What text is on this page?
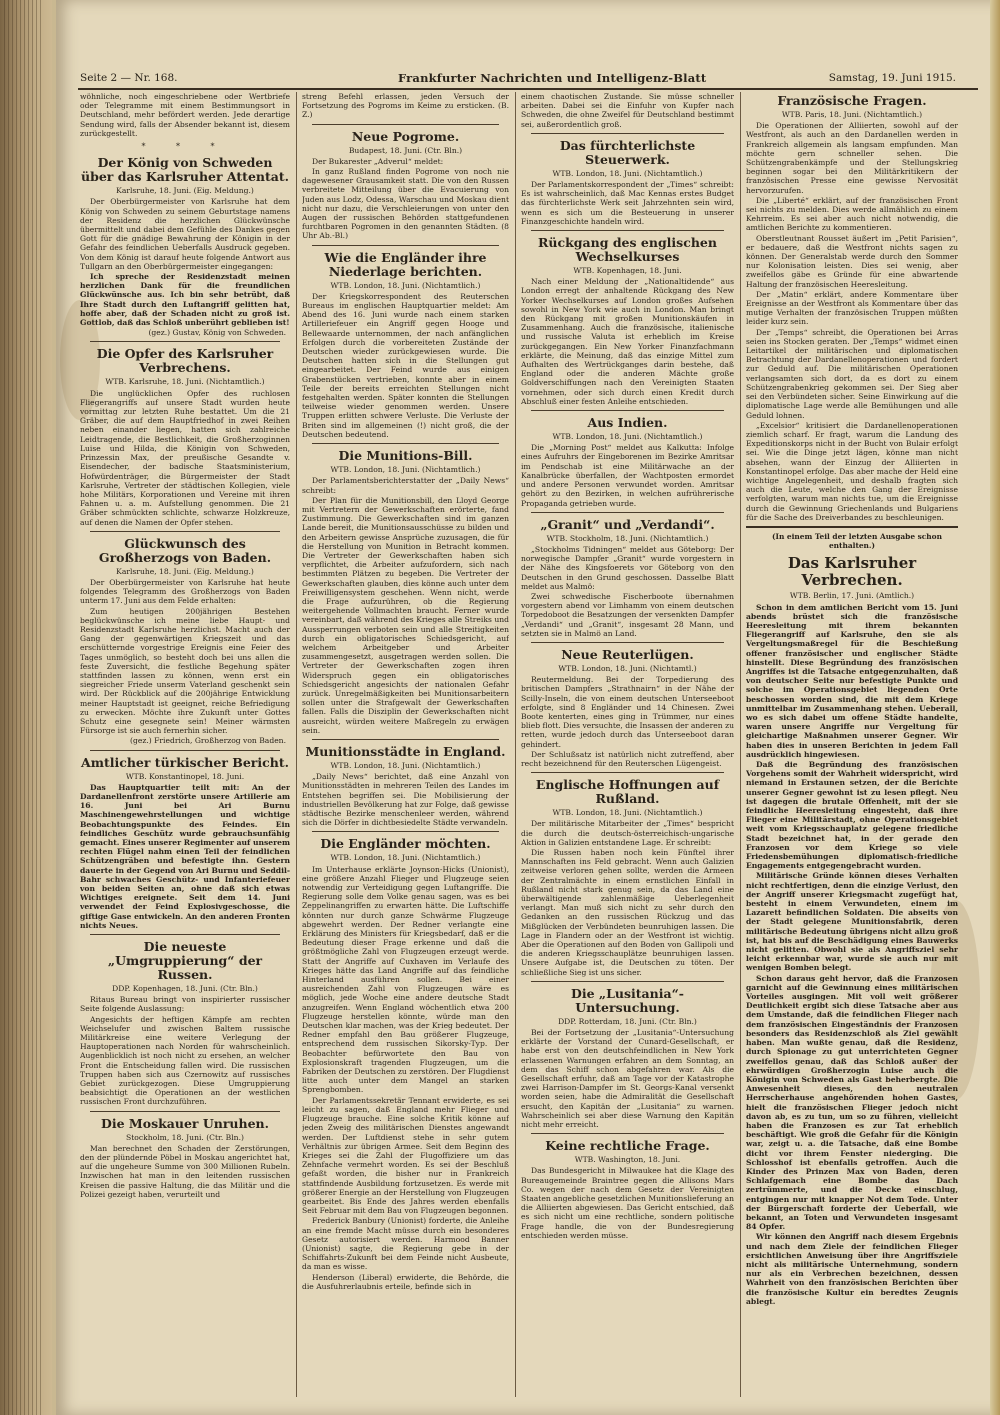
Seite 2 — Nr. 168.	Frankfurter Nachrichten und Intelligenz-Blatt	Samstag, 19. Juni 1915.

wöhnliche, noch eingeschriebene oder Wertbriefe oder Telegramme mit einem Bestimmungsort in Deutschland, mehr befördert werden. Jede derartige Sendung wird, falls der Absender bekannt ist, diesem zurückgestellt.

* * *
Der König von Schweden über das Karlsruher Attentat.

Karlsruhe, 18. Juni. (Eig. Meldung.)

Der Oberbürgermeister von Karlsruhe hat dem König von Schweden zu seinem Geburtstage namens der Residenz die herzlichen Glückwünsche übermittelt und dabei dem Gefühle des Dankes gegen Gott für die gnädige Bewahrung der Königin in der Gefahr des feindlichen Ueberfalls Ausdruck gegeben. Von dem König ist darauf heute folgende Antwort aus Tullgarn an den Oberbürgermeister eingegangen:

Ich spreche der Residenzstadt meinen herzlichen Dank für die freundlichen Glückwünsche aus. Ich bin sehr betrübt, daß Ihre Stadt durch den Luftangriff gelitten hat, hoffe aber, daß der Schaden nicht zu groß ist. Gottlob, daß das Schloß unberührt geblieben ist!

(gez.) Gustav, König von Schweden.

Die Opfer des Karlsruher Verbrechens.

WTB. Karlsruhe, 18. Juni. (Nichtamtlich.)

Die unglücklichen Opfer des ruchlosen Fliegerangriffs auf unsere Stadt wurden heute vormittag zur letzten Ruhe bestattet. Um die 21 Gräber, die auf dem Hauptfriedhof in zwei Reihen neben einander liegen, hatten sich zahlreiche Leidtragende, die Bestlichkeit, die Großherzoginnen Luise und Hilda, die Königin von Schweden, Prinzessin Max, der preußische Gesandte v. Eisendecher, der badische Staatsministerium, Hofwürdenträger, die Bürgermeister der Stadt Karlsruhe, Vertreter der städtischen Kollegien, viele hohe Militärs, Korporationen und Vereine mit ihren Fahnen u. a. m. Aufstellung genommen. Die 21 Gräber schmückten schlichte, schwarze Holzkreuze, auf denen die Namen der Opfer stehen.

Glückwunsch des Großherzogs von Baden.

Karlsruhe, 18. Juni. (Eig. Meldung.)

Der Oberbürgermeister von Karlsruhe hat heute folgendes Telegramm des Großherzogs von Baden unterm 17. Juni aus dem Felde erhalten:

Zum heutigen 200jährigen Bestehen beglückwünsche ich meine liebe Haupt- und Residenzstadt Karlsruhe herzlichst. Macht auch der Gang der gegenwärtigen Kriegszeit und das erschütternde vorgestrige Ereignis eine Feier des Tages unmöglich, so besteht doch bei uns allen die feste Zuversicht, die festliche Begehung später stattfinden lassen zu können, wenn erst ein siegreicher Friede unserm Vaterland geschenkt sein wird. Der Rückblick auf die 200jährige Entwicklung meiner Hauptstadt ist geeignet, reiche Befriedigung zu erwecken. Möchte ihre Zukunft unter Gottes Schutz eine gesegnete sein! Meiner wärmsten Fürsorge ist sie auch fernerhin sicher.

(gez.) Friedrich, Großherzog von Baden.

Amtlicher türkischer Bericht.

WTB. Konstantinopel, 18. Juni.

Das Hauptquartier teilt mit: An der Dardanellenfront zerstörte unsere Artillerie am 16. Juni bei Ari Burnu Maschinengewehrstellungen und wichtige Beobachtungspunkte des Feindes. Ein feindliches Geschütz wurde gebrauchsunfähig gemacht. Eines unserer Regimenter auf unserem rechten Flügel nahm einen Teil der feindlichen Schützengräben und befestigte ihn. Gestern dauerte in der Gegend von Ari Burnu und Seddil-Bahr schwaches Geschütz- und Infanteriefeuer von beiden Seiten an, ohne daß sich etwas Wichtiges ereignete. Seit dem 14. Juni verwendet der Feind Explosivgeschosse, die giftige Gase entwickeln. An den anderen Fronten nichts Neues.

Die neueste „Umgruppierung“ der Russen.

DDP. Kopenhagen, 18. Juni. (Ctr. Bln.)

Ritaus Bureau bringt von inspirierter russischer Seite folgende Auslassung:

Angesichts der heftigen Kämpfe am rechten Weichselufer und zwischen Baltem russische Militärkreise eine weitere Verlegung der Hauptoperationen nach Norden für wahrscheinlich. Augenblicklich ist noch nicht zu ersehen, an welcher Front die Entscheidung fallen wird. Die russischen Truppen haben sich aus Czernowitz auf russisches Gebiet zurückgezogen. Diese Umgruppierung beabsichtigt die Operationen an der westlichen russischen Front durchzuführen.

Die Moskauer Unruhen.

Stockholm, 18. Juni. (Ctr. Bln.)

Man berechnet den Schaden der Zerstörungen, den der plündernde Pöbel in Moskau angerichtet hat, auf die ungeheure Summe von 300 Millionen Rubeln. Inzwischen hat man in den leitenden russischen Kreisen die passive Haltung, die das Militär und die Polizei gezeigt haben, verurteilt und

streng Befehl erlassen, jeden Versuch der Fortsetzung des Pogroms im Keime zu ersticken. (B. Z.)

Neue Pogrome.

Budapest, 18. Juni. (Ctr. Bln.)

Der Bukarester „Adverul“ meldet:

In ganz Rußland finden Pogrome von noch nie dagewesener Grausamkeit statt. Die von den Russen verbreitete Mitteilung über die Evacuierung von Juden aus Lodz, Odessa, Warschau und Moskau dient nicht nur dazu, die Verschleierungen von unter den Augen der russischen Behörden stattgefundenen furchtbaren Pogromen in den genannten Städten. (8 Uhr Ab.-Bl.)

Wie die Engländer ihre Niederlage berichten.

WTB. London, 18. Juni. (Nichtamtlich.)

Der Kriegskorrespondent des Reuterschen Bureaus im englischen Hauptquartier meldet: Am Abend des 16. Juni wurde nach einem starken Artilleriefeuer ein Angriff gegen Hooge und Bellewaarde unternommen, der nach anfänglichen Erfolgen durch die vorbereiteten Zustände der Deutschen wieder zurückgewiesen wurde. Die Deutschen hatten sich in die Stellungen gut eingearbeitet. Der Feind wurde aus einigen Grabenstücken vertrieben, konnte aber in einem Teile der bereits erreichten Stellungen nicht festgehalten werden. Später konnten die Stellungen teilweise wieder genommen werden. Unsere Truppen erlitten schwere Verluste. Die Verluste der Briten sind im allgemeinen (!) nicht groß, die der Deutschen bedeutend.

Die Munitions-Bill.

WTB. London, 18. Juni. (Nichtamtlich.)

Der Parlamentsberichterstatter der „Daily News“ schreibt:

Der Plan für die Munitionsbill, den Lloyd George mit Vertretern der Gewerkschaften erörterte, fand Zustimmung. Die Gewerkschaften sind im ganzen Lande bereit, die Munitionsausschüsse zu bilden und den Arbeitern gewisse Ansprüche zuzusagen, die für die Herstellung von Munition in Betracht kommen. Die Vertreter der Gewerkschaften haben sich verpflichtet, die Arbeiter aufzufordern, sich nach bestimmten Plätzen zu begeben. Die Vertreter der Gewerkschaften glauben, dies könne auch unter dem Freiwilligensystem geschehen. Wenn nicht, werde die Frage aufzurühren, ob die Regierung weitergehende Vollmachten braucht. Ferner wurde vereinbart, daß während des Krieges alle Streiks und Aussperrungen verboten sein und alle Streitigkeiten durch ein obligatorisches Schiedsgericht, auf welchem Arbeitgeber und Arbeiter zusammengesetzt, ausgetragen werden sollen. Die Vertreter der Gewerkschaften zogen ihren Widerspruch gegen ein obligatorisches Schiedsgericht angesichts der nationalen Gefahr zurück. Unregelmäßigkeiten bei Munitionsarbeitern sollen unter die Strafgewalt der Gewerkschaften fallen. Falls die Disziplin der Gewerkschaften nicht ausreicht, würden weitere Maßregeln zu erwägen sein.

Munitionsstädte in England.

WTB. London, 18. Juni. (Nichtamtlich.)

„Daily News“ berichtet, daß eine Anzahl von Munitionsstädten in mehreren Teilen des Landes im Entstehen begriffen sei. Die Mobilisierung der industriellen Bevölkerung hat zur Folge, daß gewisse städtische Bezirke menschenleer werden, während sich die Dörfer in dichtbesiedelte Städte verwandeln.

Die Engländer möchten.

WTB. London, 18. Juni. (Nichtamtlich.)

Im Unterhause erklärte Joynson-Hicks (Unionist), eine größere Anzahl Flieger und Flugzeuge seien notwendig zur Verteidigung gegen Luftangriffe. Die Regierung solle dem Volke genau sagen, was es bei Zeppelinangriffen zu erwarten hätte. Die Luftschiffe könnten nur durch ganze Schwärme Flugzeuge abgewehrt werden. Der Redner verlangte eine Erklärung des Ministers für Kriegsbedarf, daß er die Bedeutung dieser Frage erkenne und daß die größtmögliche Zahl von Flugzeugen erzeugt werde. Statt der Angriffe auf Cuxhaven im Verlaufe des Krieges hätte das Land Angriffe auf das feindliche Hinterland ausführen sollen. Bei einer ausreichenden Zahl von Flugzeugen wäre es möglich, jede Woche eine andere deutsche Stadt anzugreifen. Wenn England wöchentlich etwa 200 Flugzeuge herstellen könnte, würde man den Deutschen klar machen, was der Krieg bedeutet. Der Redner empfahl den Bau größerer Flugzeuge, entsprechend dem russischen Sikorsky-Typ. Der Beobachter befürwortete den Bau von Explosionskraft tragenden Flugzeugen, um die Fabriken der Deutschen zu zerstören. Der Flugdienst litte auch unter dem Mangel an starken Sprengbomben.

Der Parlamentssekretär Tennant erwiderte, es sei leicht zu sagen, daß England mehr Flieger und Flugzeuge brauche. Eine solche Kritik könne auf jeden Zweig des militärischen Dienstes angewandt werden. Der Luftdienst stehe in sehr gutem Verhältnis zur übrigen Armee. Seit dem Beginn des Krieges sei die Zahl der Flugoffiziere um das Zehnfache vermehrt worden. Es sei der Beschluß gefaßt worden, die bisher nur in Frankreich stattfindende Ausbildung fortzusetzen. Es werde mit größerer Energie an der Herstellung von Flugzeugen gearbeitet. Bis Ende des Jahres werden ebenfalls Seit Februar mit dem Bau von Flugzeugen begonnen.

Frederick Banbury (Unionist) forderte, die Anleihe an eine fremde Macht müsse durch ein besonderes Gesetz autorisiert werden. Harmood Banner (Unionist) sagte, die Regierung gebe in der Schiffahrts-Zukunft bei dem Feinde nicht Ausbeute, da man es wisse.

Henderson (Liberal) erwiderte, die Behörde, die die Ausfuhrerlaubnis erteile, befinde sich in

einem chaotischen Zustande. Sie müsse schneller arbeiten. Dabei sei die Einfuhr von Kupfer nach Schweden, die ohne Zweifel für Deutschland bestimmt sei, außerordentlich groß.

Das fürchterlichste Steuerwerk.

WTB. London, 18. Juni. (Nichtamtlich.)

Der Parlamentskorrespondent der „Times“ schreibt: Es ist wahrscheinlich, daß Mac Kennas erstes Budget das fürchterlichste Werk seit Jahrzehnten sein wird, wenn es sich um die Besteuerung in unserer Finanzgeschichte handeln wird.

Rückgang des englischen Wechselkurses

WTB. Kopenhagen, 18. Juni.

Nach einer Meldung der „Nationaltidende“ aus London erregt der anhaltende Rückgang des New Yorker Wechselkurses auf London großes Aufsehen sowohl in New York wie auch in London. Man bringt den Rückgang mit großen Munitionskäufen in Zusammenhang. Auch die französische, italienische und russische Valuta ist erheblich im Kreise zurückgegangen. Ein New Yorker Finanzfachmann erklärte, die Meinung, daß das einzige Mittel zum Aufhalten des Wertrückganges darin bestehe, daß England oder die anderen Mächte große Goldverschiffungen nach den Vereinigten Staaten vornehmen, oder sich durch einen Kredit durch Abschluß einer festen Anleihe entschieden.

Aus Indien.

WTB. London, 18. Juni. (Nichtamtlich.)

Die „Morning Post“ meldet aus Kalkutta: Infolge eines Aufruhrs der Eingeborenen im Bezirke Amritsar im Pendschab ist eine Militärwache an der Kanalbrücke überfallen, der Wachtposten ermordet und andere Personen verwundet worden. Amritsar gehört zu den Bezirken, in welchen aufrührerische Propaganda getrieben wurde.

„Granit“ und „Verdandi“.

WTB. Stockholm, 18. Juni. (Nichtamtlich.)

„Stockholms Tidningen“ meldet aus Göteborg: Der norwegische Dampfer „Granit“ wurde vorgestern in der Nähe des Kingsfoerets vor Göteborg von den Deutschen in den Grund geschossen. Dasselbe Blatt meldet aus Malmö:

Zwei schwedische Fischerboote übernahmen vorgestern abend vor Limhamm von einem deutschen Torpedoboot die Besatzungen der versenkten Dampfer „Verdandi“ und „Granit“, insgesamt 28 Mann, und setzten sie in Malmö an Land.

Neue Reuterlügen.

WTB. London, 18. Juni. (Nichtamtl.)

Reutermeldung. Bei der Torpedierung des britischen Dampfers „Strathnairn“ in der Nähe der Scilly-Inseln, die von einem deutschen Unterseeboot erfolgte, sind 8 Engländer und 14 Chinesen. Zwei Boote kenterten, eines ging in Trümmer, nur eines blieb flott. Dies versuchte, die Insassen der anderen zu retten, wurde jedoch durch das Unterseeboot daran gehindert.

Der Schlußsatz ist natürlich nicht zutreffend, aber recht bezeichnend für den Reuterschen Lügengeist.

Englische Hoffnungen auf Rußland.

WTB. London, 18. Juni. (Nichtamtlich.)

Der militärische Mitarbeiter der „Times“ bespricht die durch die deutsch-österreichisch-ungarische Aktion in Galizien entstandene Lage. Er schreibt:

Die Russen haben noch kein Fünftel ihrer Mannschaften ins Feld gebracht. Wenn auch Galizien zeitweise verloren gehen sollte, werden die Armeen der Zentralmächte in einem ernstlichen Einfall in Rußland nicht stark genug sein, da das Land eine überwältigende zahlenmäßige Ueberlegenheit verlangt. Man muß sich nicht zu sehr durch den Gedanken an den russischen Rückzug und das Mißglücken der Verbündeten beunruhigen lassen. Die Lage in Flandern oder an der Westfront ist wichtig. Aber die Operationen auf den Boden von Gallipoli und die anderen Kriegsschauplätze beunruhigen lassen. Unsere Aufgabe ist, die Deutschen zu töten. Der schließliche Sieg ist uns sicher.

Die „Lusitania“-Untersuchung.

DDP. Rotterdam, 18. Juni. (Ctr. Bln.)

Bei der Fortsetzung der „Lusitania“-Untersuchung erklärte der Vorstand der Cunard-Gesellschaft, er habe erst von den deutschfeindlichen in New York erlassenen Warnungen erfahren an dem Sonntag, an dem das Schiff schon abgefahren war. Als die Gesellschaft erfuhr, daß am Tage vor der Katastrophe zwei Harrison-Dampfer im St. Georgs-Kanal versenkt worden seien, habe die Admiralität die Gesellschaft ersucht, den Kapitän der „Lusitania“ zu warnen. Wahrscheinlich sei aber diese Warnung den Kapitän nicht mehr erreicht.

Keine rechtliche Frage.

WTB. Washington, 18. Juni.

Das Bundesgericht in Milwaukee hat die Klage des Bureaugemeinde Braintree gegen die Allisons Mars Co. wegen der nach dem Gesetz der Vereinigten Staaten angebliche gesetzlichen Munitionslieferung an die Alliierten abgewiesen. Das Gericht entschied, daß es sich nicht um eine rechtliche, sondern politische Frage handle, die von der Bundesregierung entschieden werden müsse.

Französische Fragen.

WTB. Paris, 18. Juni. (Nichtamtlich.)

Die Operationen der Alliierten, sowohl auf der Westfront, als auch an den Dardanellen werden in Frankreich allgemein als langsam empfunden. Man möchte gern schneller sehen. Die Schützengrabenkämpfe und der Stellungskrieg beginnen sogar bei den Militärkritikern der französischen Presse eine gewisse Nervosität hervorzurufen.

Die „Liberté“ erklärt, auf der französischen Front sei nichts zu melden. Dies werde allmählich zu einem Kehrreim. Es sei aber auch nicht notwendig, die amtlichen Berichte zu kommentieren.

Oberstleutnant Rousset äußert im „Petit Parisien“, er bedauere, daß die Westfront nichts sagen zu können. Der Generalstab werde durch den Sommer nur Kolonisation leisten. Dies sei wenig, aber zweifellos gäbe es Gründe für eine abwartende Haltung der französischen Heeresleitung.

Der „Matin“ erklärt, andere Kommentare über Ereignisse an der Westfront als Kommentare über das mutige Verhalten der französischen Truppen müßten leider kurz sein.

Der „Temps“ schreibt, die Operationen bei Arras seien ins Stocken geraten. Der „Temps“ widmet einen Leitartikel der militärischen und diplomatischen Betrachtung der Dardanellenoperationen und fordert zur Geduld auf. Die militärischen Operationen verlangsamten sich dort, da es dort zu einem Schützengrabenkrieg gekommen sei. Der Sieg aber sei den Verbündeten sicher. Seine Einwirkung auf die diplomatische Lage werde alle Bemühungen und alle Geduld lohnen.

„Excelsior“ kritisiert die Dardanellenoperationen ziemlich scharf. Er fragt, warum die Landung des Expeditionskorps nicht in der Bucht von Bulair erfolgt sei. Wie die Dinge jetzt lägen, könne man nicht absehen, wann der Einzug der Alliierten in Konstantinopel erfolge. Das aber mache der Held eine wichtige Angelegenheit, und deshalb fragten sich auch die Leute, welche den Gang der Ereignisse verfolgten, warum man nichts tue, um die Ereignisse durch die Gewinnung Griechenlands und Bulgariens für die Sache des Dreiverbandes zu beschleunigen.

(In einem Teil der letzten Ausgabe schon enthalten.)

Das Karlsruher Verbrechen.

WTB. Berlin, 17. Juni. (Amtlich.)

Schon in dem amtlichen Bericht vom 15. Juni abends brüstet sich die französische Heeresleitung mit ihrem bekannten Fliegerangriff auf Karlsruhe, den sie als Vergeltungsmaßregel für die Beschießung offener französischer und englischer Städte hinstellt. Diese Begründung des französischen Angriffes ist die Tatsache entgegenzuhalten, daß von deutscher Seite nur befestigte Punkte und solche im Operationsgebiet liegenden Orte beschossen worden sind, die mit dem Kriege unmittelbar im Zusammenhang stehen. Ueberall, wo es sich dabei um offene Städte handelte, waren unsere Angriffe nur Vergeltung für gleichartige Maßnahmen unserer Gegner. Wir haben dies in unseren Berichten in jedem Fall ausdrücklich hingewiesen.

Daß die Begründung des französischen Vorgehens somit der Wahrheit widerspricht, wird niemand in Erstaunen setzen, der die Berichte unserer Gegner gewohnt ist zu lesen pflegt. Neu ist dagegen die brutale Offenheit, mit der sie feindliche Heeresleitung eingesteht, daß ihre Flieger eine Militärstadt, ohne Operationsgebiet weit vom Kriegsschauplatz gelegene friedliche Stadt bezeichnet hat, in der gerade den Franzosen vor dem Kriege so viele Friedensbemühungen diplomatisch-friedliche Engagements entgegengebracht wurden.

Militärische Gründe können dieses Verhalten nicht rechtfertigen, denn die einzige Verlust, den der Angriff unserer Kriegsmacht zugefügt hat, besteht in einem Verwundeten, einem im Lazarett befindlichen Soldaten. Die abseits von der Stadt gelegene Munitionsfabrik, deren militärische Bedeutung übrigens nicht allzu groß ist, hat bis auf die Beschädigung eines Bauwerks nicht gelitten. Obwohl sie als Angriffsziel sehr leicht erkennbar war, wurde sie auch nur mit wenigen Bomben belegt.

Schon daraus geht hervor, daß die Franzosen garnicht auf die Gewinnung eines militärischen Vorteiles ausgingen. Mit voll weit größerer Deutlichkeit ergibt sich diese Tatsache aber aus dem Umstande, daß die feindlichen Flieger nach dem französischen Eingeständnis der Franzosen besonders das Residenzschloß als Ziel gewählt haben. Man wußte genau, daß die Residenz, durch Spionage zu gut unterrichteten Gegner zweifellos genau, daß das Schloß außer der ehrwürdigen Großherzogin Luise auch die Königin von Schweden als Gast beherbergte. Die Anwesenheit dieses, den neutralen Herrscherhause angehörenden hohen Gastes, hielt die französischen Flieger jedoch nicht davon ab, es zu tun, um so zu führen, vielleicht haben die Franzosen es zur Tat erheblich beschäftigt. Wie groß die Gefahr für die Königin war, zeigt u. a. die Tatsache, daß eine Bombe dicht vor ihrem Fenster niederging. Die Schlosshof ist ebenfalls getroffen. Auch die Kinder des Prinzen Max von Baden, deren Schlafgemach eine Bombe das Dach zertrümmerte, und die Decke einschlug, entgingen nur mit knapper Not dem Tode. Unter der Bürgerschaft forderte der Ueberfall, wie bekannt, an Toten und Verwundeten insgesamt 84 Opfer.

Wir können den Angriff nach diesem Ergebnis und nach dem Ziele der feindlichen Flieger ersichtlichen Anweisung über ihre Angriffsziele nicht als militärische Unternehmung, sondern nur als ein Verbrechen bezeichnen, dessen Wahrheit von den französischen Berichten über die französische Kultur ein beredtes Zeugnis ablegt.
